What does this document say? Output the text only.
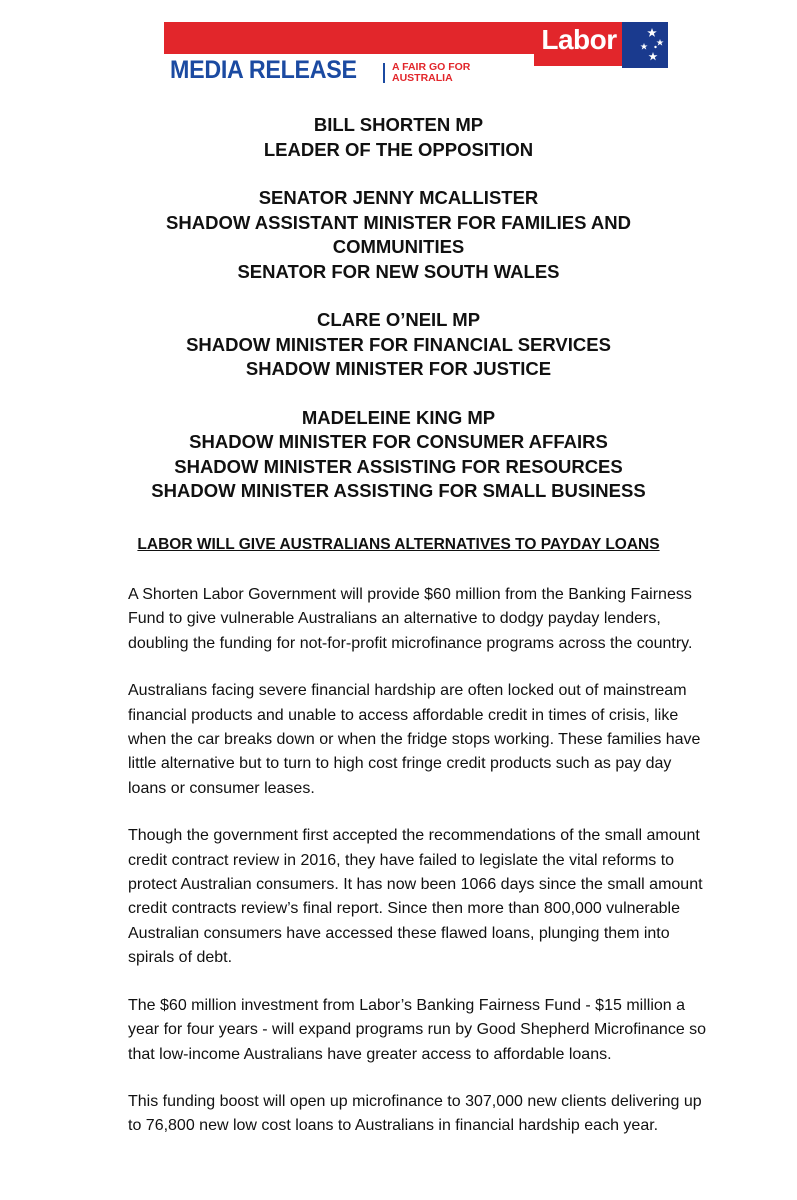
Labor
MEDIA RELEASE	A FAIR GO FOR
AUSTRALIA
BILL SHORTEN MP
LEADER OF THE OPPOSITION
SENATOR JENNY MCALLISTER
SHADOW ASSISTANT MINISTER FOR FAMILIES AND
COMMUNITIES
SENATOR FOR NEW SOUTH WALES
CLARE O’NEIL MP
SHADOW MINISTER FOR FINANCIAL SERVICES
SHADOW MINISTER FOR JUSTICE
MADELEINE KING MP
SHADOW MINISTER FOR CONSUMER AFFAIRS
SHADOW MINISTER ASSISTING FOR RESOURCES
SHADOW MINISTER ASSISTING FOR SMALL BUSINESS
LABOR WILL GIVE AUSTRALIANS ALTERNATIVES TO PAYDAY LOANS

A Shorten Labor Government will provide $60 million from the Banking Fairness Fund to give vulnerable Australians an alternative to dodgy payday lenders, doubling the funding for not-for-profit microfinance programs across the country.

Australians facing severe financial hardship are often locked out of mainstream financial products and unable to access affordable credit in times of crisis, like when the car breaks down or when the fridge stops working. These families have little alternative but to turn to high cost fringe credit products such as pay day loans or consumer leases.

Though the government first accepted the recommendations of the small amount credit contract review in 2016, they have failed to legislate the vital reforms to protect Australian consumers. It has now been 1066 days since the small amount credit contracts review’s final report. Since then more than 800,000 vulnerable Australian consumers have accessed these flawed loans, plunging them into spirals of debt.

The $60 million investment from Labor’s Banking Fairness Fund - $15 million a year for four years - will expand programs run by Good Shepherd Microfinance so that low-income Australians have greater access to affordable loans.

This funding boost will open up microfinance to 307,000 new clients delivering up to 76,800 new low cost loans to Australians in financial hardship each year.
